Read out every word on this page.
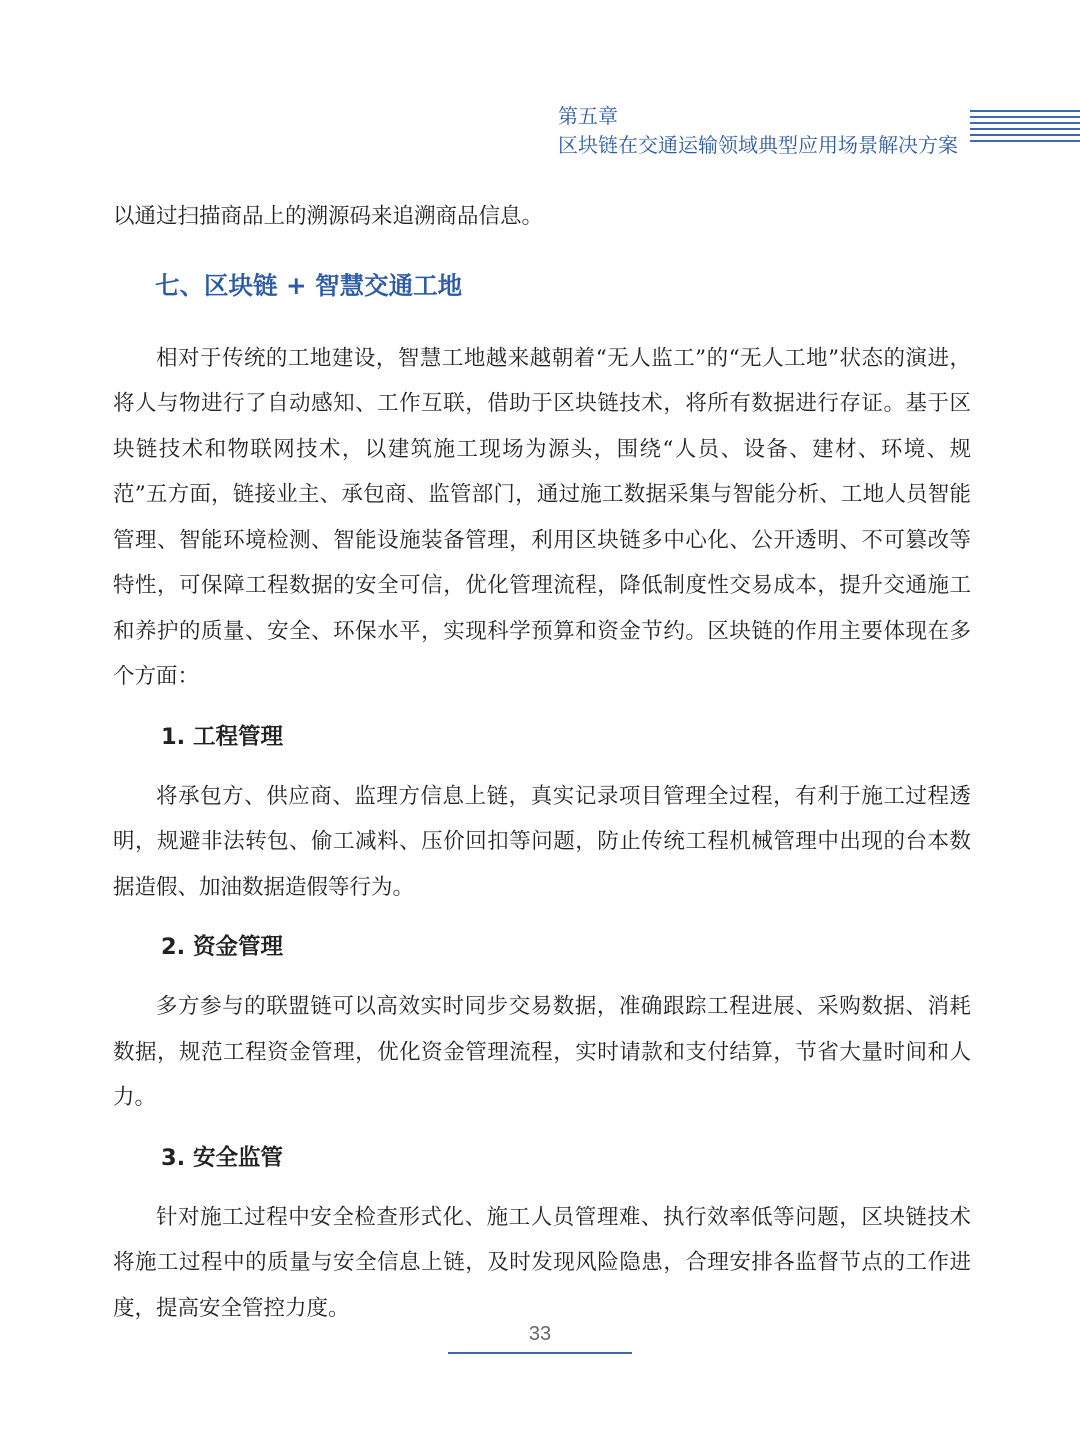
第五章
区块链在交通运输领域典型应用场景解决方案

以通过扫描商品上的溯源码来追溯商品信息。

七、区块链 + 智慧交通工地

相对于传统的工地建设，智慧工地越来越朝着“无人监工”的“无人工地”状态的演进，将人与物进行了自动感知、工作互联，借助于区块链技术，将所有数据进行存证。基于区块链技术和物联网技术，以建筑施工现场为源头，围绕“人员、设备、建材、环境、规范”五方面，链接业主、承包商、监管部门，通过施工数据采集与智能分析、工地人员智能管理、智能环境检测、智能设施装备管理，利用区块链多中心化、公开透明、不可篡改等特性，可保障工程数据的安全可信，优化管理流程，降低制度性交易成本，提升交通施工和养护的质量、安全、环保水平，实现科学预算和资金节约。区块链的作用主要体现在多个方面：

1. 工程管理

将承包方、供应商、监理方信息上链，真实记录项目管理全过程，有利于施工过程透明，规避非法转包、偷工减料、压价回扣等问题，防止传统工程机械管理中出现的台本数据造假、加油数据造假等行为。

2. 资金管理

多方参与的联盟链可以高效实时同步交易数据，准确跟踪工程进展、采购数据、消耗数据，规范工程资金管理，优化资金管理流程，实时请款和支付结算，节省大量时间和人力。

3. 安全监管

针对施工过程中安全检查形式化、施工人员管理难、执行效率低等问题，区块链技术将施工过程中的质量与安全信息上链，及时发现风险隐患，合理安排各监督节点的工作进度，提高安全管控力度。

33
